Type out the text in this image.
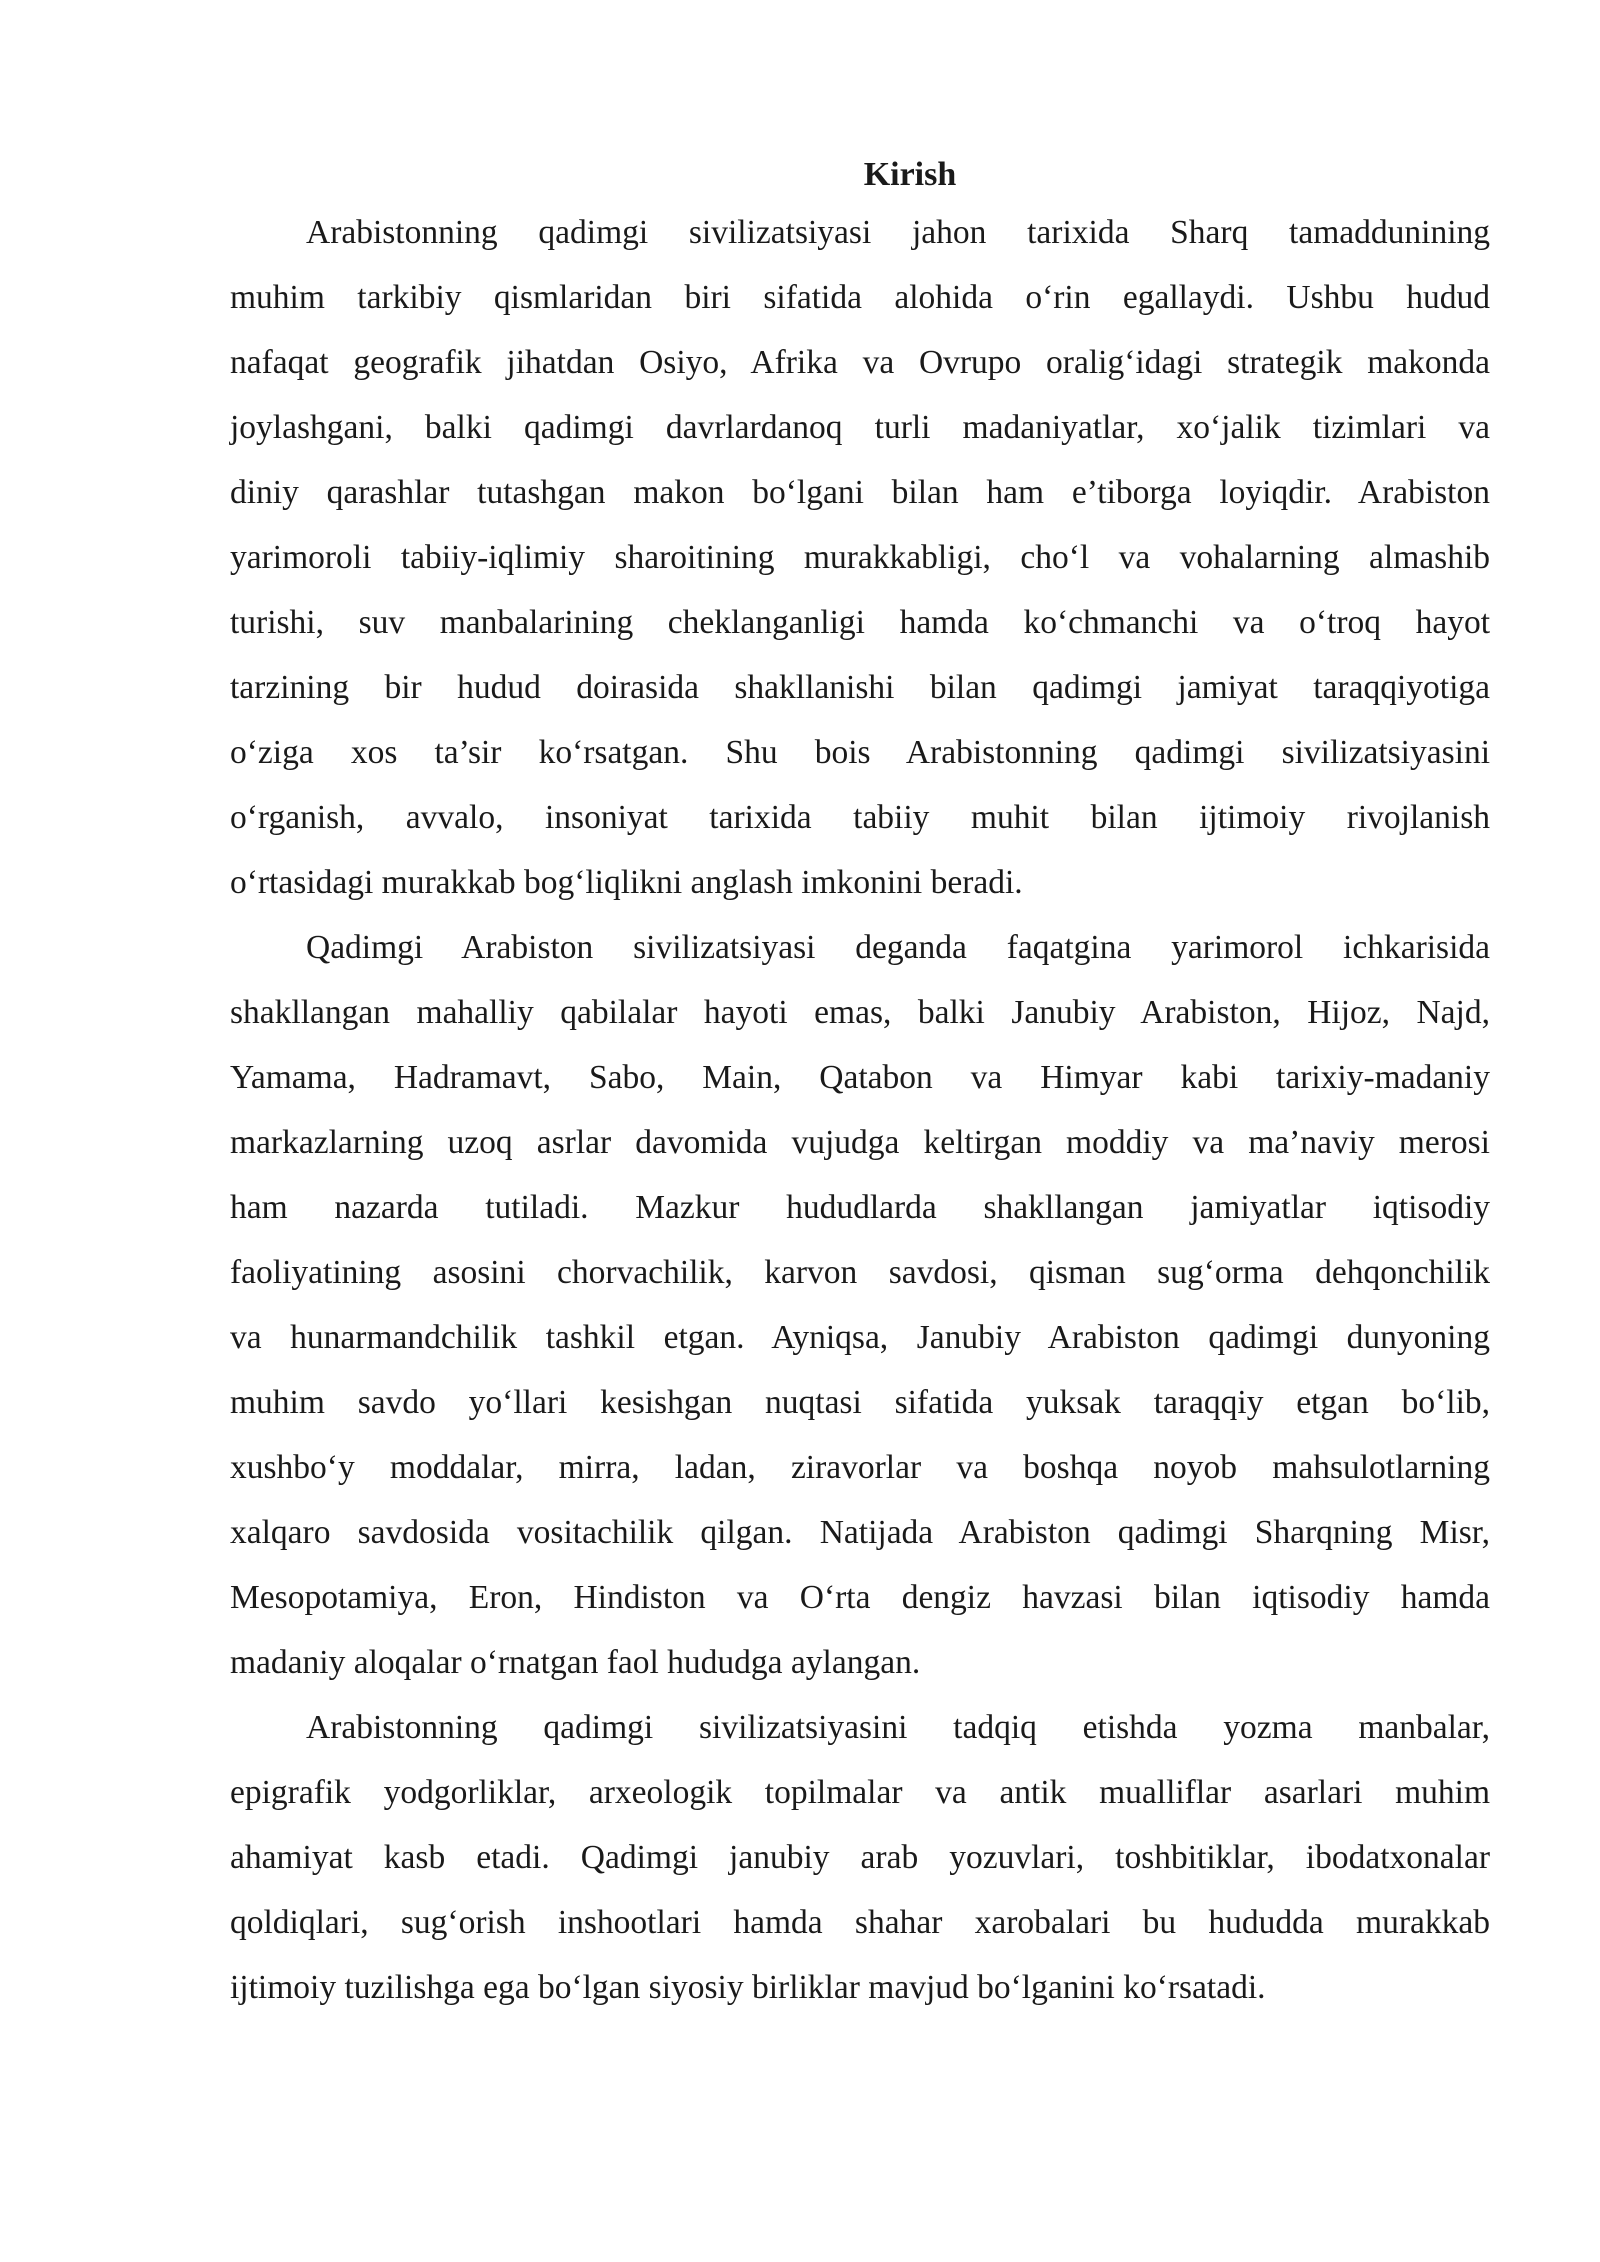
Kirish
Arabistonning qadimgi sivilizatsiyasi jahon tarixida Sharq tamaddunining
muhim tarkibiy qismlaridan biri sifatida alohida o‘rin egallaydi. Ushbu hudud
nafaqat geografik jihatdan Osiyo, Afrika va Ovrupo oralig‘idagi strategik makonda
joylashgani, balki qadimgi davrlardanoq turli madaniyatlar, xo‘jalik tizimlari va
diniy qarashlar tutashgan makon bo‘lgani bilan ham e’tiborga loyiqdir. Arabiston
yarimoroli tabiiy-iqlimiy sharoitining murakkabligi, cho‘l va vohalarning almashib
turishi, suv manbalarining cheklanganligi hamda ko‘chmanchi va o‘troq hayot
tarzining bir hudud doirasida shakllanishi bilan qadimgi jamiyat taraqqiyotiga
o‘ziga xos ta’sir ko‘rsatgan. Shu bois Arabistonning qadimgi sivilizatsiyasini
o‘rganish, avvalo, insoniyat tarixida tabiiy muhit bilan ijtimoiy rivojlanish
o‘rtasidagi murakkab bog‘liqlikni anglash imkonini beradi.
Qadimgi Arabiston sivilizatsiyasi deganda faqatgina yarimorol ichkarisida
shakllangan mahalliy qabilalar hayoti emas, balki Janubiy Arabiston, Hijoz, Najd,
Yamama, Hadramavt, Sabo, Main, Qatabon va Himyar kabi tarixiy-madaniy
markazlarning uzoq asrlar davomida vujudga keltirgan moddiy va ma’naviy merosi
ham nazarda tutiladi. Mazkur hududlarda shakllangan jamiyatlar iqtisodiy
faoliyatining asosini chorvachilik, karvon savdosi, qisman sug‘orma dehqonchilik
va hunarmandchilik tashkil etgan. Ayniqsa, Janubiy Arabiston qadimgi dunyoning
muhim savdo yo‘llari kesishgan nuqtasi sifatida yuksak taraqqiy etgan bo‘lib,
xushbo‘y moddalar, mirra, ladan, ziravorlar va boshqa noyob mahsulotlarning
xalqaro savdosida vositachilik qilgan. Natijada Arabiston qadimgi Sharqning Misr,
Mesopotamiya, Eron, Hindiston va O‘rta dengiz havzasi bilan iqtisodiy hamda
madaniy aloqalar o‘rnatgan faol hududga aylangan.
Arabistonning qadimgi sivilizatsiyasini tadqiq etishda yozma manbalar,
epigrafik yodgorliklar, arxeologik topilmalar va antik mualliflar asarlari muhim
ahamiyat kasb etadi. Qadimgi janubiy arab yozuvlari, toshbitiklar, ibodatxonalar
qoldiqlari, sug‘orish inshootlari hamda shahar xarobalari bu hududda murakkab
ijtimoiy tuzilishga ega bo‘lgan siyosiy birliklar mavjud bo‘lganini ko‘rsatadi.
